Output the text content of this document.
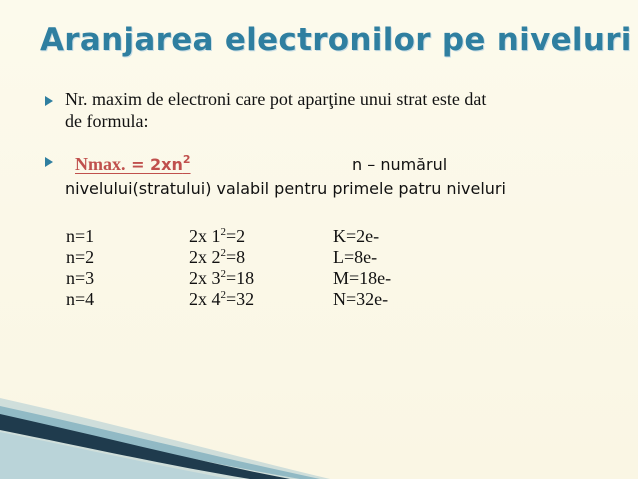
Aranjarea electronilor pe niveluri
Nr. maxim de electroni care pot aparţine unui strat este dat
de formula:
Nmax. = $2xn^2$	n – numărul
nivelului(stratului) valabil pentru primele patru niveluri
n=1	2x $1^2=2$	K=2e-
n=2	2x $2^2=8$	L=8e-
n=3	2x $3^2=18$	M=18e-
n=4	2x $4^2=32$	N=32e-
